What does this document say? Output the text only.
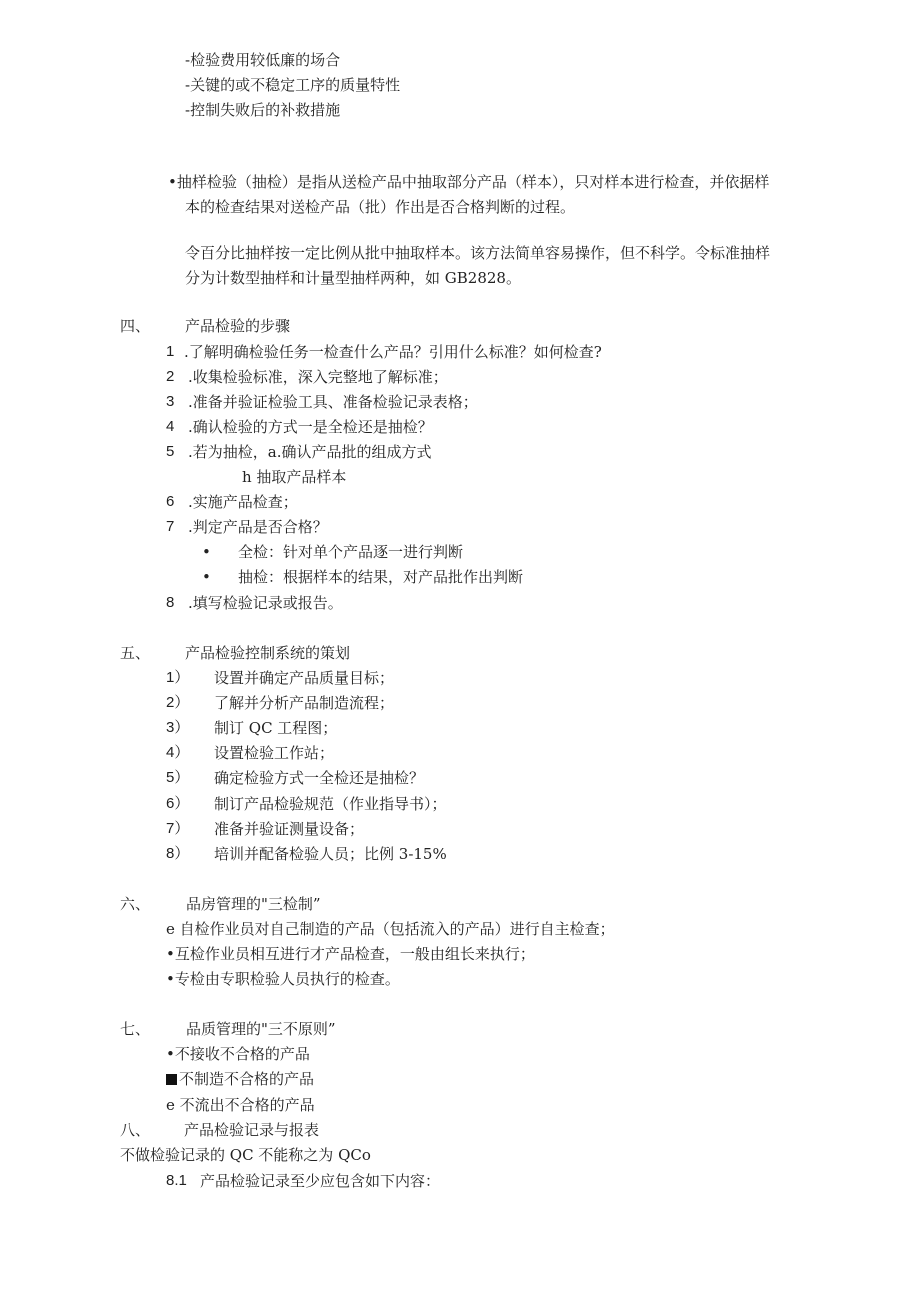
-检验费用较低廉的场合
-关键的或不稳定工序的质量特性
-控制失败后的补救措施
•抽样检验（抽检）是指从送检产品中抽取部分产品（样本），只对样本进行检查，并依据样
本的检查结果对送检产品（批）作出是否合格判断的过程。
令百分比抽样按一定比例从批中抽取样本。该方法简单容易操作，但不科学。令标准抽样
分为计数型抽样和计量型抽样两种，如 GB2828。
四、 产品检验的步骤
1 .了解明确检验任务一检查什么产品？引用什么标准？如何检查?
2 .收集检验标准，深入完整地了解标准；
3 .准备并验证检验工具、准备检验记录表格；
4 .确认检验的方式一是全检还是抽检？
5 .若为抽检，a.确认产品批的组成方式
h 抽取产品样本
6 .实施产品检查；
7 .判定产品是否合格？
• 全检：针对单个产品逐一进行判断
• 抽检：根据样本的结果，对产品批作出判断
8 .填写检验记录或报告。
五、 产品检验控制系统的策划
1） 设置并确定产品质量目标；
2） 了解并分析产品制造流程；
3） 制订 QC 工程图；
4） 设置检验工作站；
5） 确定检验方式一全检还是抽检？
6） 制订产品检验规范（作业指导书）；
7） 准备并验证测量设备；
8） 培训并配备检验人员；比例 3-15%
六、 品房管理的"三检制”
e 自检作业员对自己制造的产品（包括流入的产品）进行自主检查；
•互检作业员相互进行才产品检查，一般由组长来执行；
•专检由专职检验人员执行的检查。
七、 品质管理的"三不原则”
•不接收不合格的产品
不制造不合格的产品
e 不流出不合格的产品
八、 产品检验记录与报表
不做检验记录的 QC 不能称之为 QCo
8.1 产品检验记录至少应包含如下内容：
